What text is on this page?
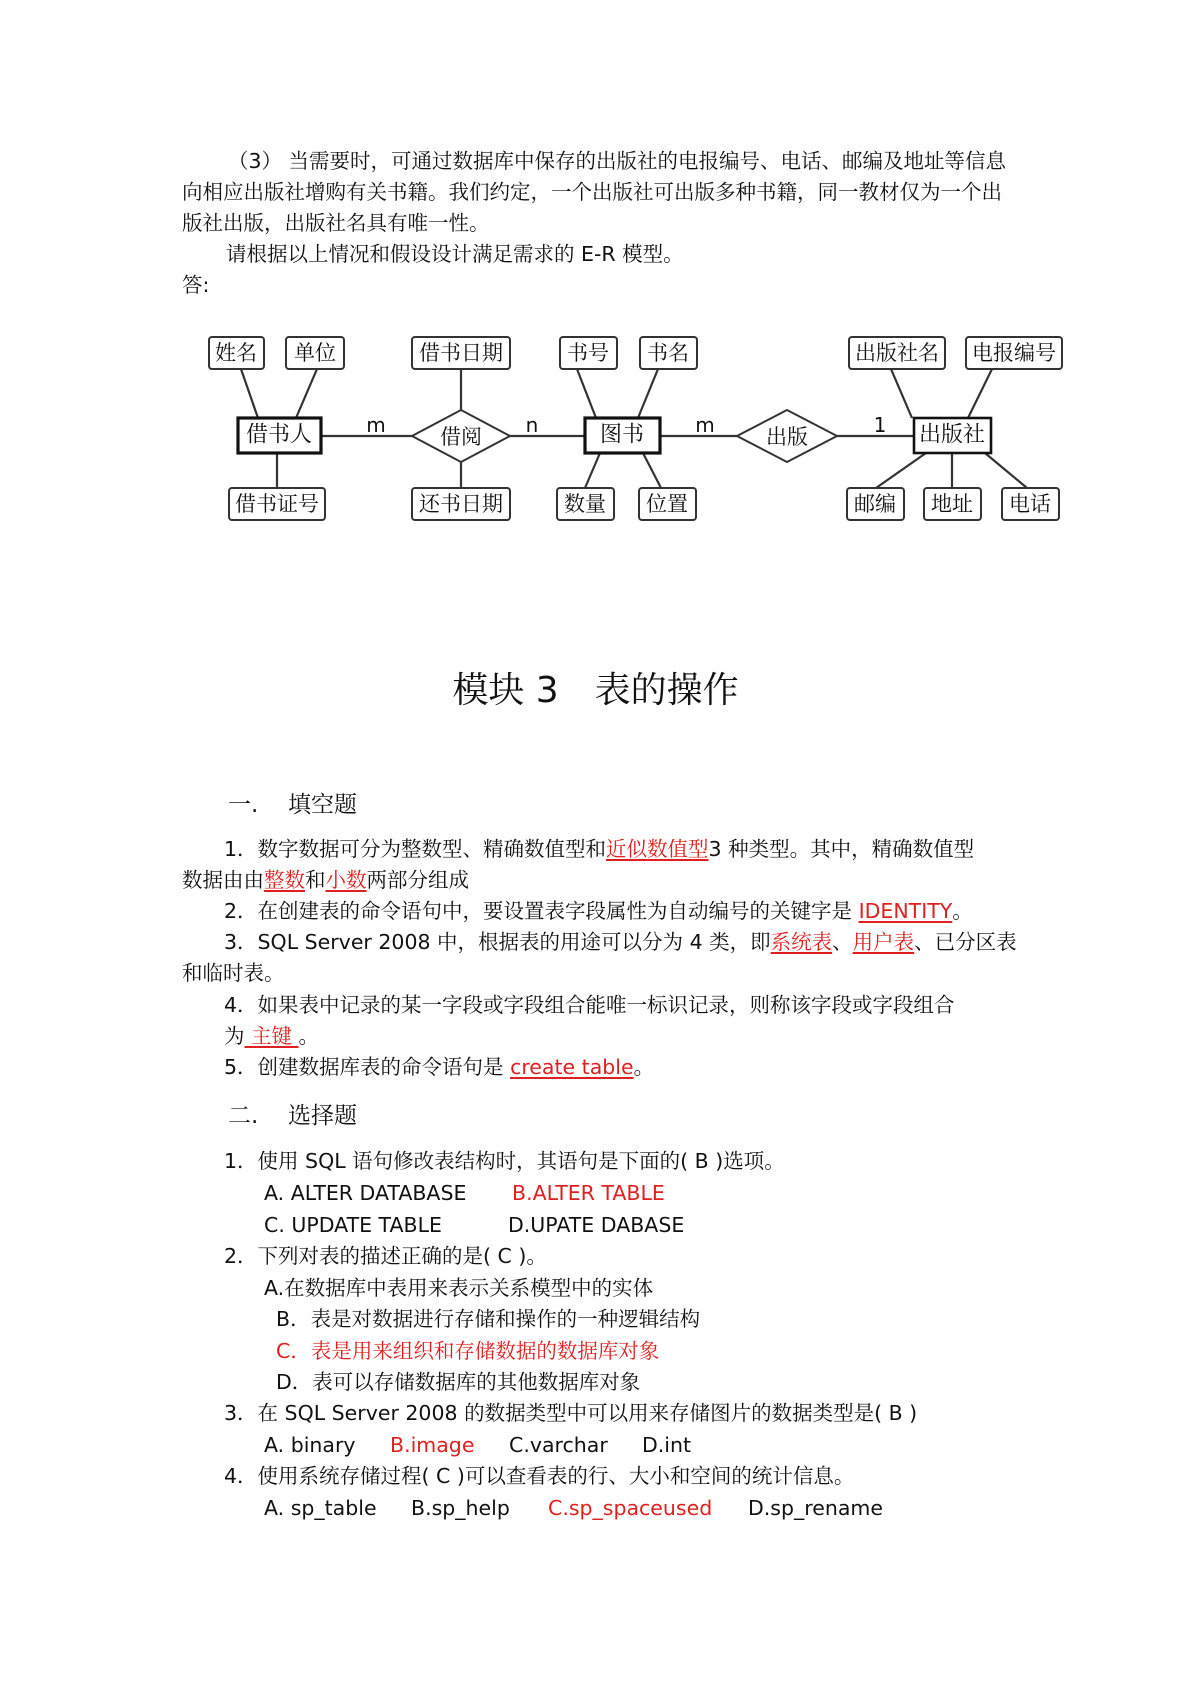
（3） 当需要时，可通过数据库中保存的出版社的电报编号、电话、邮编及地址等信息
向相应出版社增购有关书籍。我们约定，一个出版社可出版多种书籍，同一教材仅为一个出
版社出版，出版社名具有唯一性。
请根据以上情况和假设设计满足需求的 E-R 模型。
答:
姓名 单位	借书日期	书号 书名	出版社名 电报编号
借书证号	还书日期	数量 位置	邮编 地址 电话
借书人	图书	出版社
借阅	出版
m	n	m	1
模块 3　表的操作
一. 填空题
1．数字数据可分为整数型、精确数值型和近似数值型3 种类型。其中，精确数值型
数据由由整数和小数两部分组成
2．在创建表的命令语句中，要设置表字段属性为自动编号的关键字是 IDENTITY。
3．SQL Server 2008 中，根据表的用途可以分为 4 类，即系统表、用户表、已分区表
和临时表。
4．如果表中记录的某一字段或字段组合能唯一标识记录，则称该字段或字段组合
为 主键 。
5．创建数据库表的命令语句是 create table。
二. 选择题
1．使用 SQL 语句修改表结构时，其语句是下面的( B )选项。
A. ALTER DATABASE B.ALTER TABLE
C. UPDATE TABLE	D.UPATE DABASE
2．下列对表的描述正确的是( C )。
A.在数据库中表用来表示关系模型中的实体
B．表是对数据进行存储和操作的一种逻辑结构
C．表是用来组织和存储数据的数据库对象
D．表可以存储数据库的其他数据库对象
3．在 SQL Server 2008 的数据类型中可以用来存储图片的数据类型是( B )
A. binary B.image C.varchar D.int
4．使用系统存储过程( C )可以查看表的行、大小和空间的统计信息。
A. sp_table B.sp_help C.sp_spaceused D.sp_rename
